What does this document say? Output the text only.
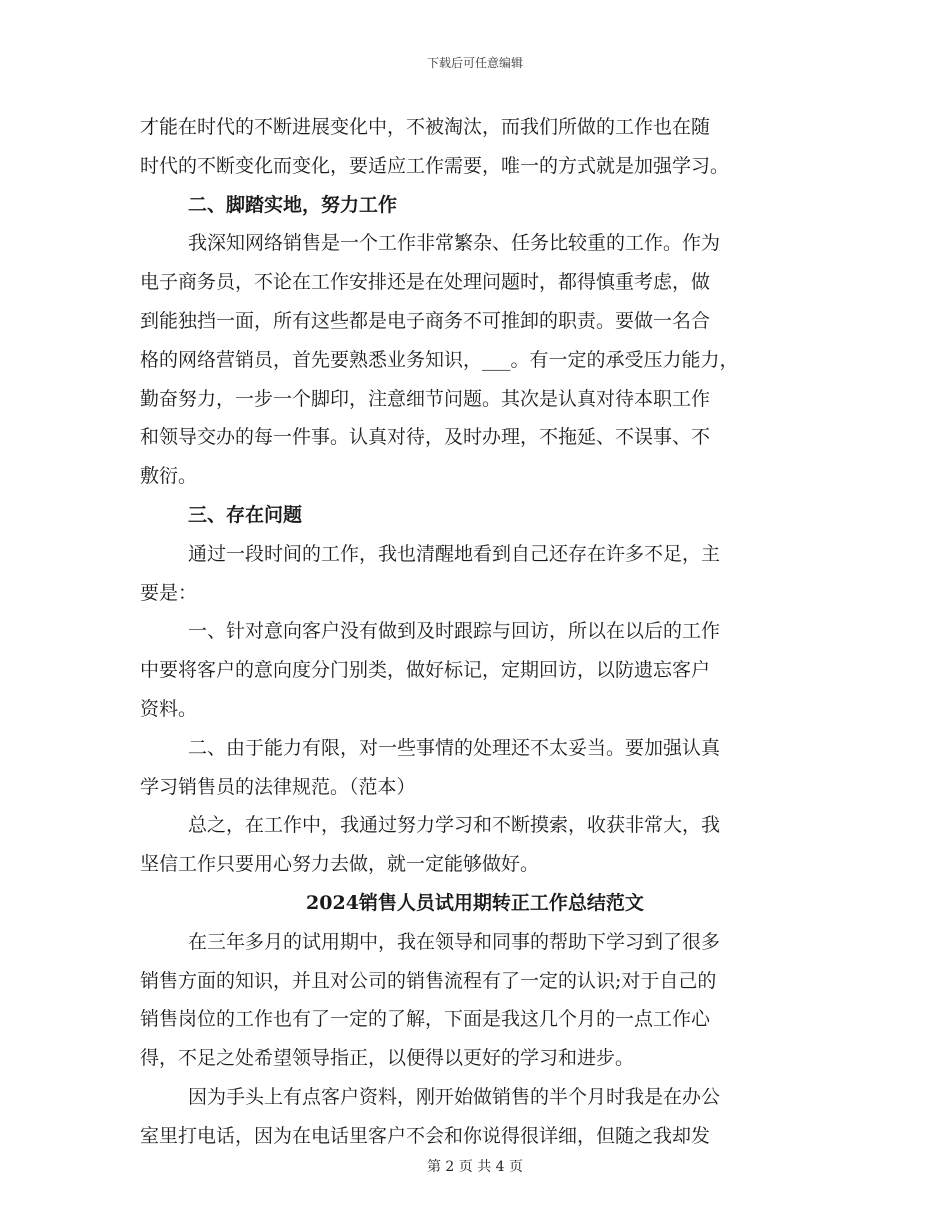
下载后可任意编辑
才能在时代的不断进展变化中，不被淘汰，而我们所做的工作也在随
时代的不断变化而变化，要适应工作需要，唯一的方式就是加强学习。
二、脚踏实地，努力工作
我深知网络销售是一个工作非常繁杂、任务比较重的工作。作为
电子商务员，不论在工作安排还是在处理问题时，都得慎重考虑，做
到能独挡一面，所有这些都是电子商务不可推卸的职责。要做一名合
格的网络营销员，首先要熟悉业务知识，___。有一定的承受压力能力，
勤奋努力，一步一个脚印，注意细节问题。其次是认真对待本职工作
和领导交办的每一件事。认真对待，及时办理，不拖延、不误事、不
敷衍。
三、存在问题
通过一段时间的工作，我也清醒地看到自己还存在许多不足，主
要是：
一、针对意向客户没有做到及时跟踪与回访，所以在以后的工作
中要将客户的意向度分门别类，做好标记，定期回访，以防遗忘客户
资料。
二、由于能力有限，对一些事情的处理还不太妥当。要加强认真
学习销售员的法律规范。（范本）
总之，在工作中，我通过努力学习和不断摸索，收获非常大，我
坚信工作只要用心努力去做，就一定能够做好。
2024销售人员试用期转正工作总结范文
在三年多月的试用期中，我在领导和同事的帮助下学习到了很多
销售方面的知识，并且对公司的销售流程有了一定的认识;对于自己的
销售岗位的工作也有了一定的了解，下面是我这几个月的一点工作心
得，不足之处希望领导指正，以便得以更好的学习和进步。
因为手头上有点客户资料，刚开始做销售的半个月时我是在办公
室里打电话，因为在电话里客户不会和你说得很详细，但随之我却发
第 2 页 共 4 页
